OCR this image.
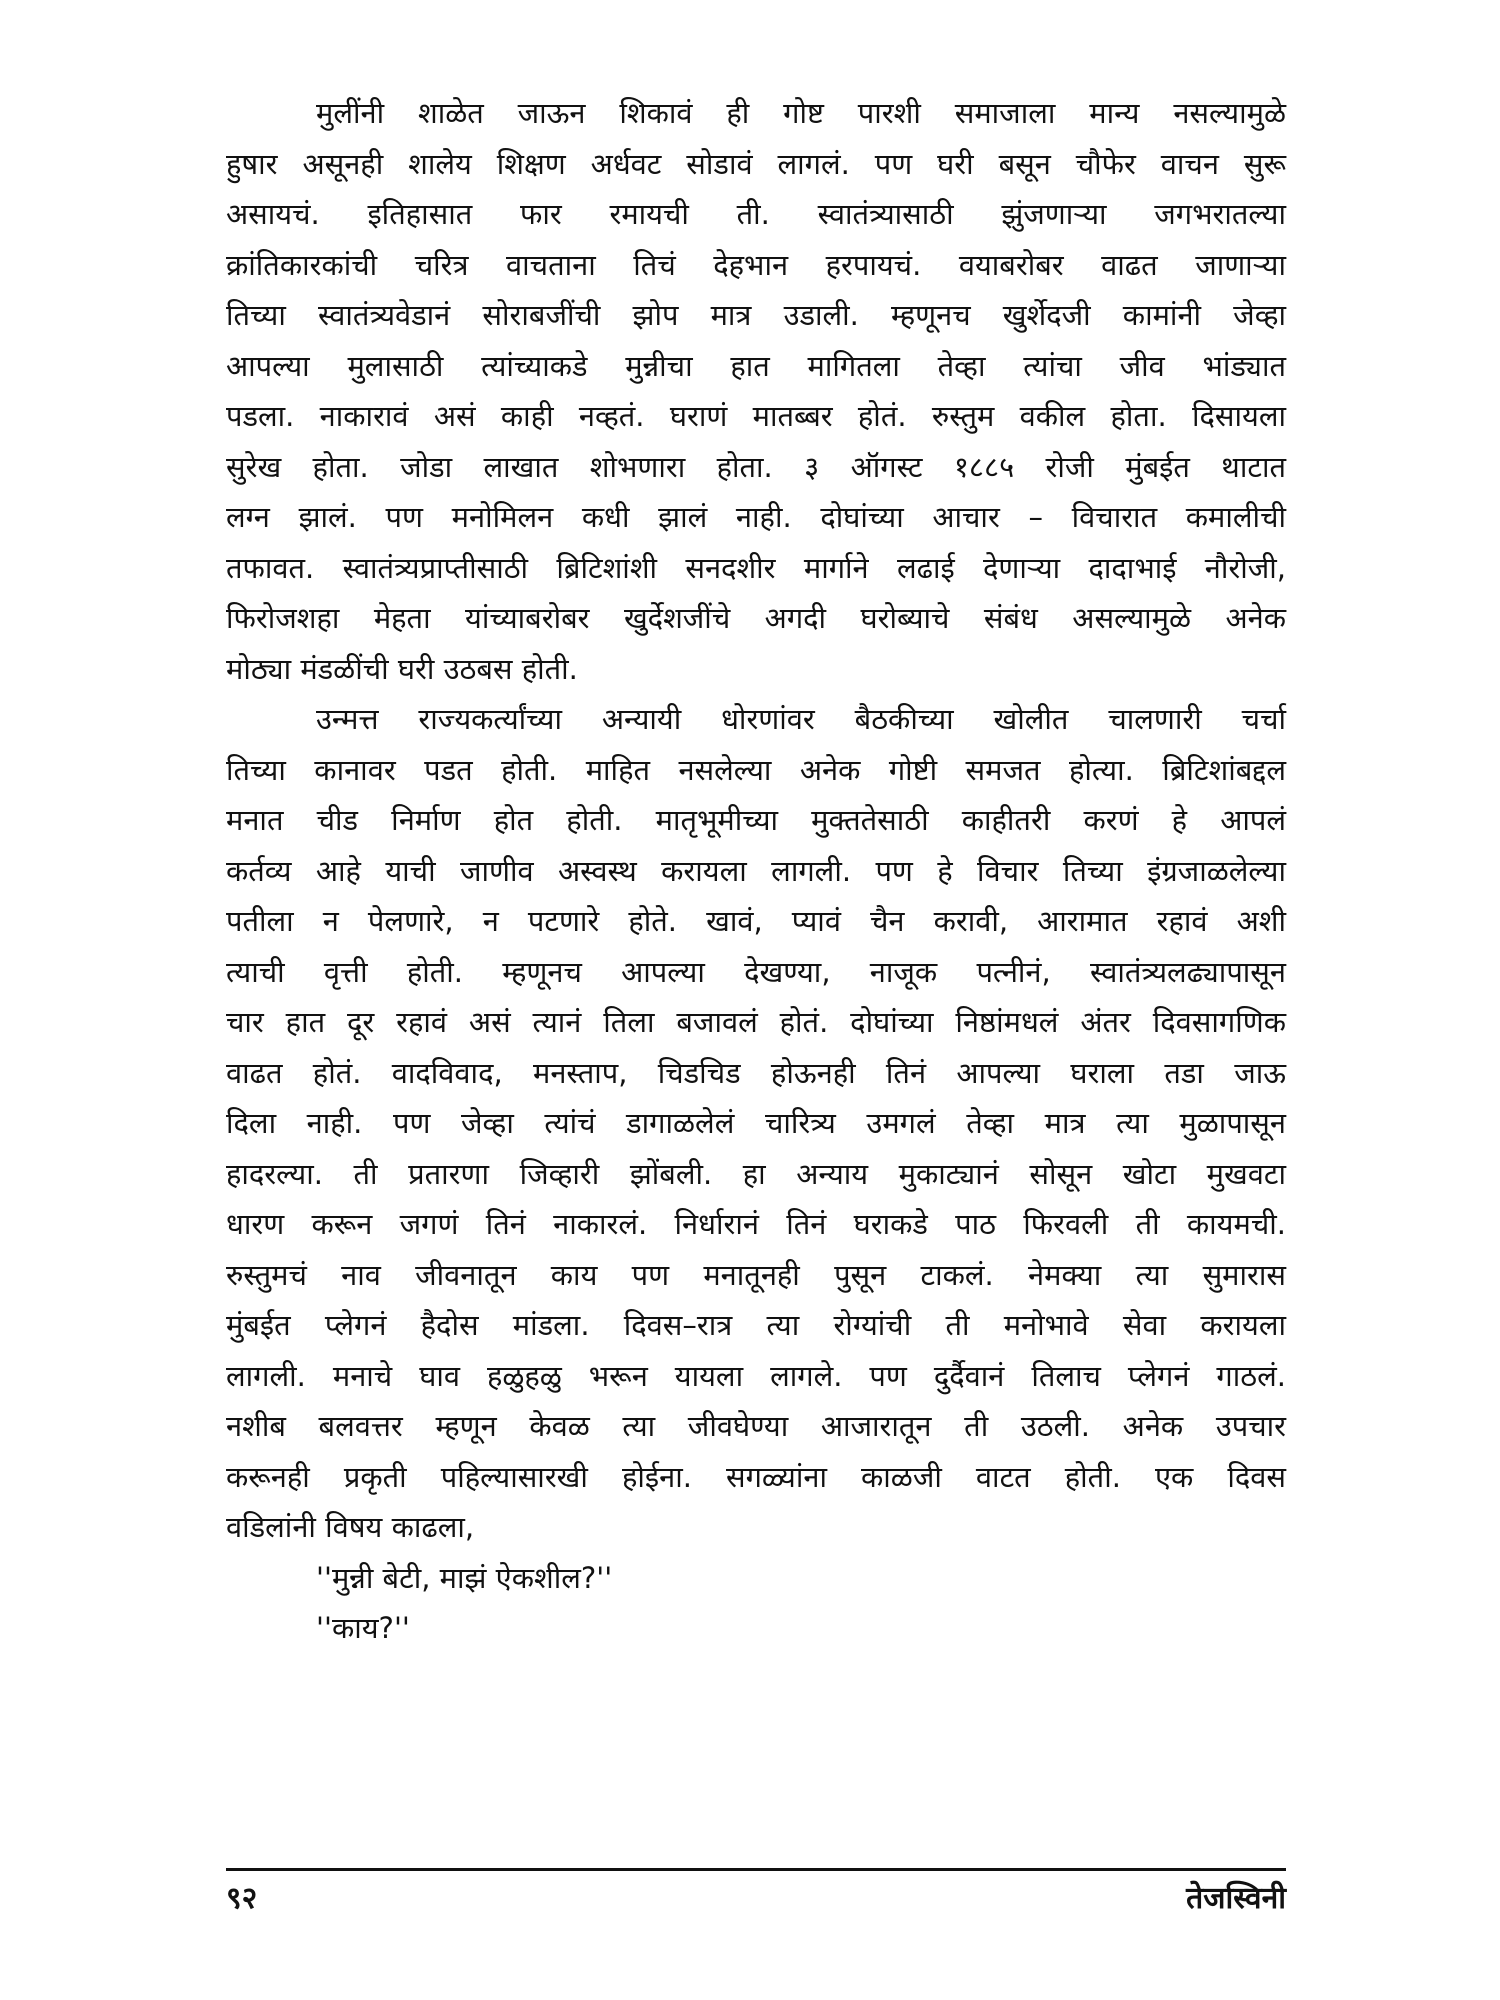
मुलींनी शाळेत जाऊन शिकावं ही गोष्ट पारशी समाजाला मान्य नसल्यामुळे
हुषार असूनही शालेय शिक्षण अर्धवट सोडावं लागलं. पण घरी बसून चौफेर वाचन सुरू
असायचं. इतिहासात फार रमायची ती. स्वातंत्र्यासाठी झुंजणाऱ्या जगभरातल्या
क्रांतिकारकांची चरित्र वाचताना तिचं देहभान हरपायचं. वयाबरोबर वाढत जाणाऱ्या
तिच्या स्वातंत्र्यवेडानं सोराबजींची झोप मात्र उडाली. म्हणूनच खुर्शेदजी कामांनी जेव्हा
आपल्या मुलासाठी त्यांच्याकडे मुन्नीचा हात मागितला तेव्हा त्यांचा जीव भांड्यात
पडला. नाकारावं असं काही नव्हतं. घराणं मातब्बर होतं. रुस्तुम वकील होता. दिसायला
सुरेख होता. जोडा लाखात शोभणारा होता. ३ ऑगस्ट १८८५ रोजी मुंबईत थाटात
लग्न झालं. पण मनोमिलन कधी झालं नाही. दोघांच्या आचार – विचारात कमालीची
तफावत. स्वातंत्र्यप्राप्तीसाठी ब्रिटिशांशी सनदशीर मार्गाने लढाई देणाऱ्या दादाभाई नौरोजी,
फिरोजशहा मेहता यांच्याबरोबर खुर्देशजींचे अगदी घरोब्याचे संबंध असल्यामुळे अनेक
मोठ्या मंडळींची घरी उठबस होती.
उन्मत्त राज्यकर्त्यांच्या अन्यायी धोरणांवर बैठकीच्या खोलीत चालणारी चर्चा
तिच्या कानावर पडत होती. माहित नसलेल्या अनेक गोष्टी समजत होत्या. ब्रिटिशांबद्दल
मनात चीड निर्माण होत होती. मातृभूमीच्या मुक्ततेसाठी काहीतरी करणं हे आपलं
कर्तव्य आहे याची जाणीव अस्वस्थ करायला लागली. पण हे विचार तिच्या इंग्रजाळलेल्या
पतीला न पेलणारे, न पटणारे होते. खावं, प्यावं चैन करावी, आरामात रहावं अशी
त्याची वृत्ती होती. म्हणूनच आपल्या देखण्या, नाजूक पत्नीनं, स्वातंत्र्यलढ्यापासून
चार हात दूर रहावं असं त्यानं तिला बजावलं होतं. दोघांच्या निष्ठांमधलं अंतर दिवसागणिक
वाढत होतं. वादविवाद, मनस्ताप, चिडचिड होऊनही तिनं आपल्या घराला तडा जाऊ
दिला नाही. पण जेव्हा त्यांचं डागाळलेलं चारित्र्य उमगलं तेव्हा मात्र त्या मुळापासून
हादरल्या. ती प्रतारणा जिव्हारी झोंबली. हा अन्याय मुकाट्यानं सोसून खोटा मुखवटा
धारण करून जगणं तिनं नाकारलं. निर्धारानं तिनं घराकडे पाठ फिरवली ती कायमची.
रुस्तुमचं नाव जीवनातून काय पण मनातूनही पुसून टाकलं. नेमक्या त्या सुमारास
मुंबईत प्लेगनं हैदोस मांडला. दिवस–रात्र त्या रोग्यांची ती मनोभावे सेवा करायला
लागली. मनाचे घाव हळुहळु भरून यायला लागले. पण दुर्दैवानं तिलाच प्लेगनं गाठलं.
नशीब बलवत्तर म्हणून केवळ त्या जीवघेण्या आजारातून ती उठली. अनेक उपचार
करूनही प्रकृती पहिल्यासारखी होईना. सगळ्यांना काळजी वाटत होती. एक दिवस
वडिलांनी विषय काढला,
''मुन्नी बेटी, माझं ऐकशील?''
''काय?''
९२	तेजस्विनी
